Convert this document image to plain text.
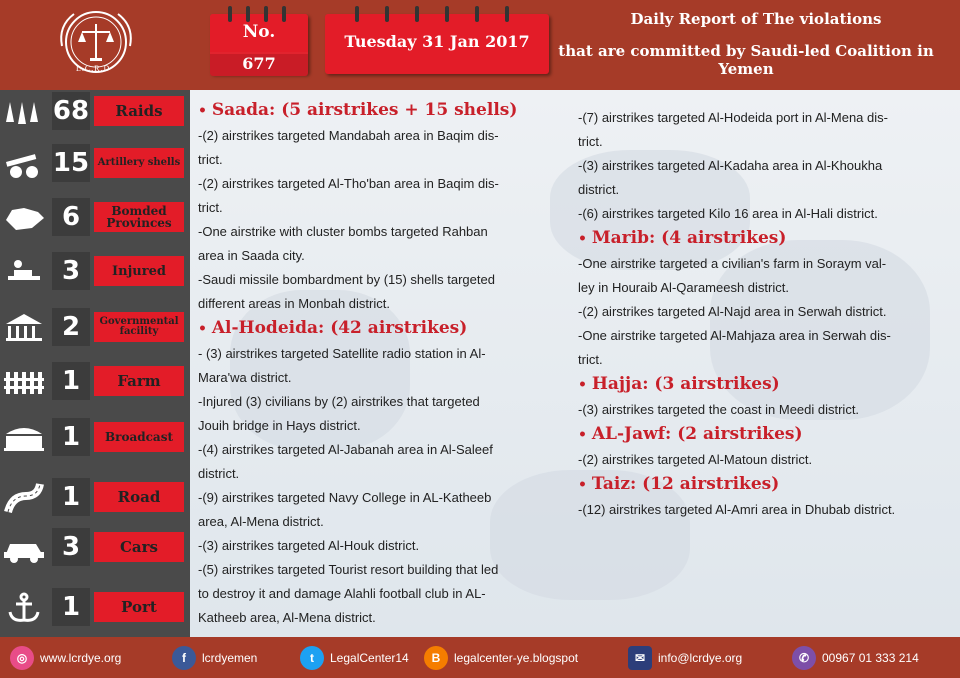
L.C.R.D
No.
677
Tuesday 31 Jan 2017
Daily Report of The violations
that are committed by Saudi-led Coalition in Yemen
68	Raids
15 Artillery shells
6	Bomded Provinces
3	Injured
2	Governmental facility
1	Farm
1	Broadcast
1	Road
3	Cars
1	Port
• Saada: (5 airstrikes + 15 shells)
-(2) airstrikes targeted Mandabah area in Baqim dis-
trict.
-(2) airstrikes targeted Al-Tho'ban area in Baqim dis-
trict.
-One airstrike with cluster bombs targeted Rahban
area in Saada city.
-Saudi missile bombardment by (15) shells targeted
different areas in Monbah district.
• Al-Hodeida: (42 airstrikes)
- (3) airstrikes targeted Satellite radio station in Al-
Mara'wa district.
-Injured (3) civilians by (2) airstrikes that targeted
Jouih bridge in Hays district.
-(4) airstrikes targeted Al-Jabanah area in Al-Saleef
district.
-(9) airstrikes targeted Navy College in AL-Katheeb
area, Al-Mena district.
-(3) airstrikes targeted Al-Houk district.
-(5) airstrikes targeted Tourist resort building that led
to destroy it and damage Alahli football club in AL-
Katheeb area, Al-Mena district.
-(7) airstrikes targeted Al-Hodeida port in Al-Mena dis-
trict.
-(3) airstrikes targeted Al-Kadaha area in Al-Khoukha
district.
-(6) airstrikes targeted Kilo 16 area in Al-Hali district.
• Marib: (4 airstrikes)
-One airstrike targeted a civilian's farm in Soraym val-
ley in Houraib Al-Qarameesh district.
-(2) airstrikes targeted Al-Najd area in Serwah district.
-One airstrike targeted Al-Mahjaza area in Serwah dis-
trict.
• Hajja: (3 airstrikes)
-(3) airstrikes targeted the coast in Meedi district.
• AL-Jawf: (2 airstrikes)
-(2) airstrikes targeted Al-Matoun district.
• Taiz: (12 airstrikes)
-(12) airstrikes targeted Al-Amri area in Dhubab district.
◎	www.lcrdye.org	f	lcrdyemen	t	LegalCenter14	B	legalcenter-ye.blogspot	✉	info@lcrdye.org	✆	00967 01 333 214
